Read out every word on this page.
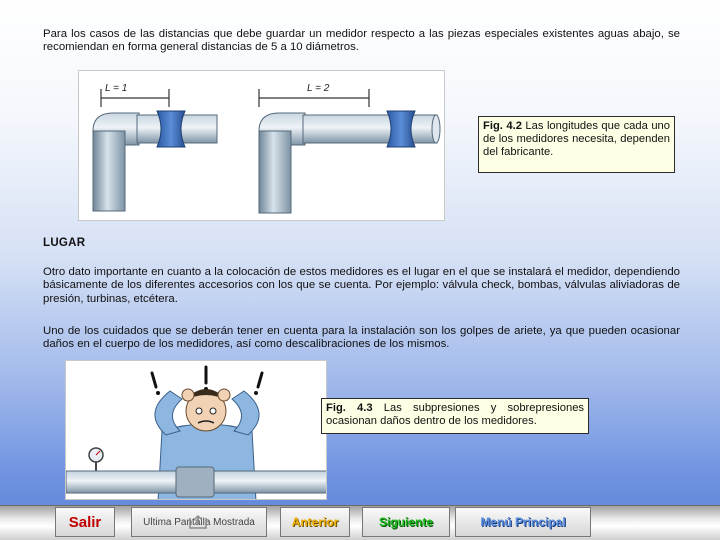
Para los casos de las distancias que debe guardar un medidor respecto a las piezas especiales existentes aguas abajo, se recomiendan en forma general distancias de 5 a 10 diámetros.

L = 1	L = 2
Fig. 4.2 Las longitudes que cada uno de los medidores necesita, dependen del fabricante.

LUGAR

Otro dato importante en cuanto a la colocación de estos medidores es el lugar en el que se instalará el medidor, dependiendo básicamente de los diferentes accesorios con los que se cuenta. Por ejemplo: válvula check, bombas, válvulas aliviadoras de presión, turbinas, etcétera.

Uno de los cuidados que se deberán tener en cuenta para la instalación son los golpes de ariete, ya que pueden ocasionar daños en el cuerpo de los medidores, así como descalibraciones de los mismos.

Fig. 4.3 Las subpresiones y sobrepresiones ocasionan daños dentro de los medidores.
Salir	Ultima Pantalla Mostrada	Anterior	Siguiente	Menú Principal
